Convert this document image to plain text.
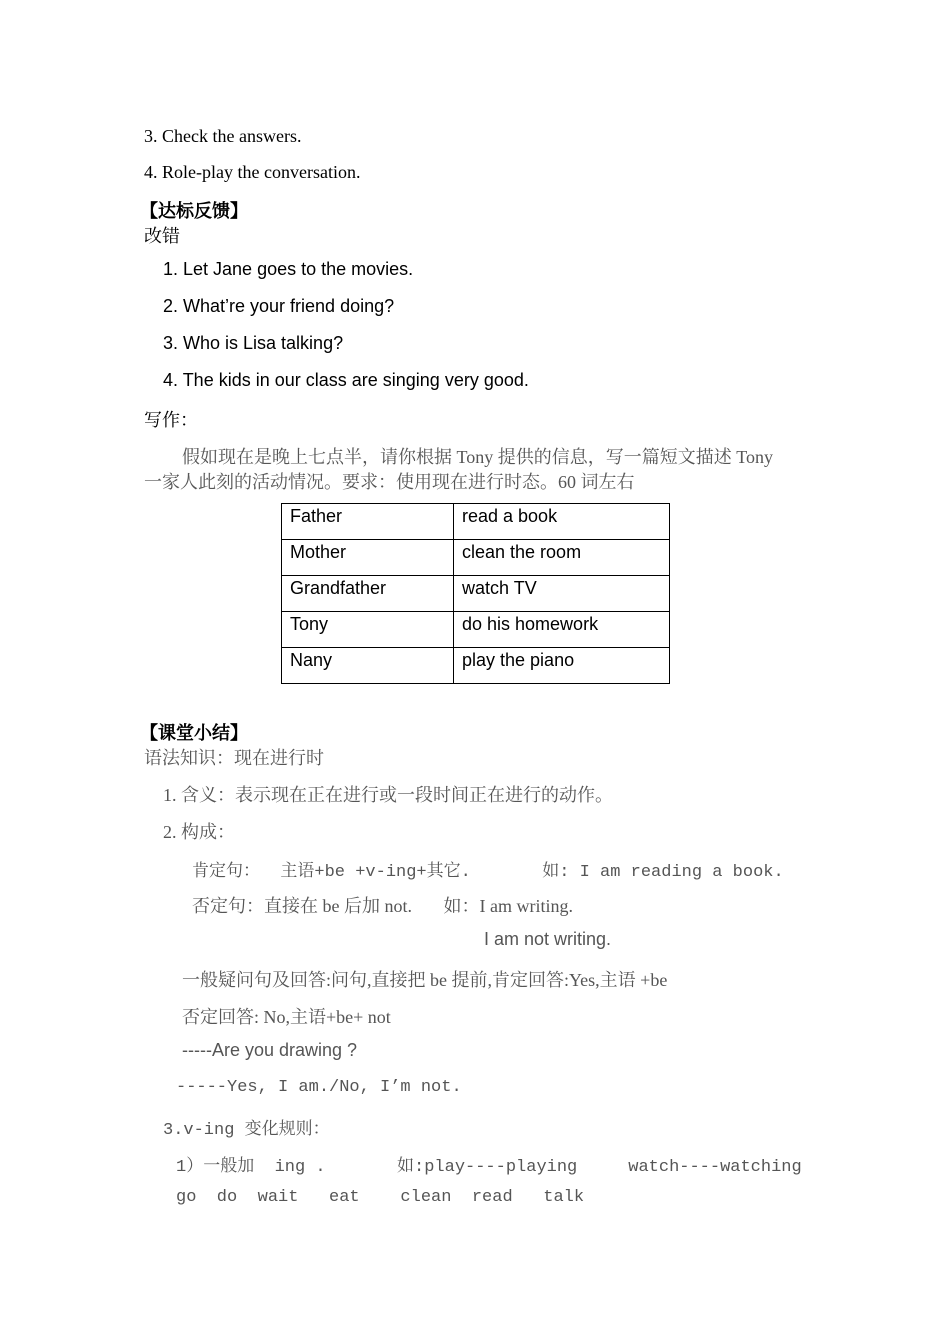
3. Check the answers.
4. Role-play the conversation.
【达标反馈】
改错
1. Let Jane goes to the movies.
2. What’re your friend doing?
3. Who is Lisa talking?
4. The kids in our class are singing very good.
写作：
假如现在是晚上七点半，请你根据 Tony 提供的信息，写一篇短文描述 Tony
一家人此刻的活动情况。要求：使用现在进行时态。60 词左右
Father	read a book
Mother	clean the room
Grandfather	watch TV
Tony	do his homework
Nany	play the piano
【课堂小结】
语法知识：现在进行时
1. 含义：表示现在正在进行或一段时间正在进行的动作。
2. 构成：
肯定句：  主语+be +v-ing+其它.       如: I am reading a book.
否定句：直接在 be 后加 not.       如：I am writing.
I am not writing.
一般疑问句及回答:问句,直接把 be 提前,肯定回答:Yes,主语 +be
否定回答: No,主语+be+ not
-----Are you drawing ?
-----Yes, I am./No, I’m not.
3.v-ing 变化规则：
1）一般加  ing .       如:play----playing     watch----watching
go  do  wait   eat    clean  read   talk
